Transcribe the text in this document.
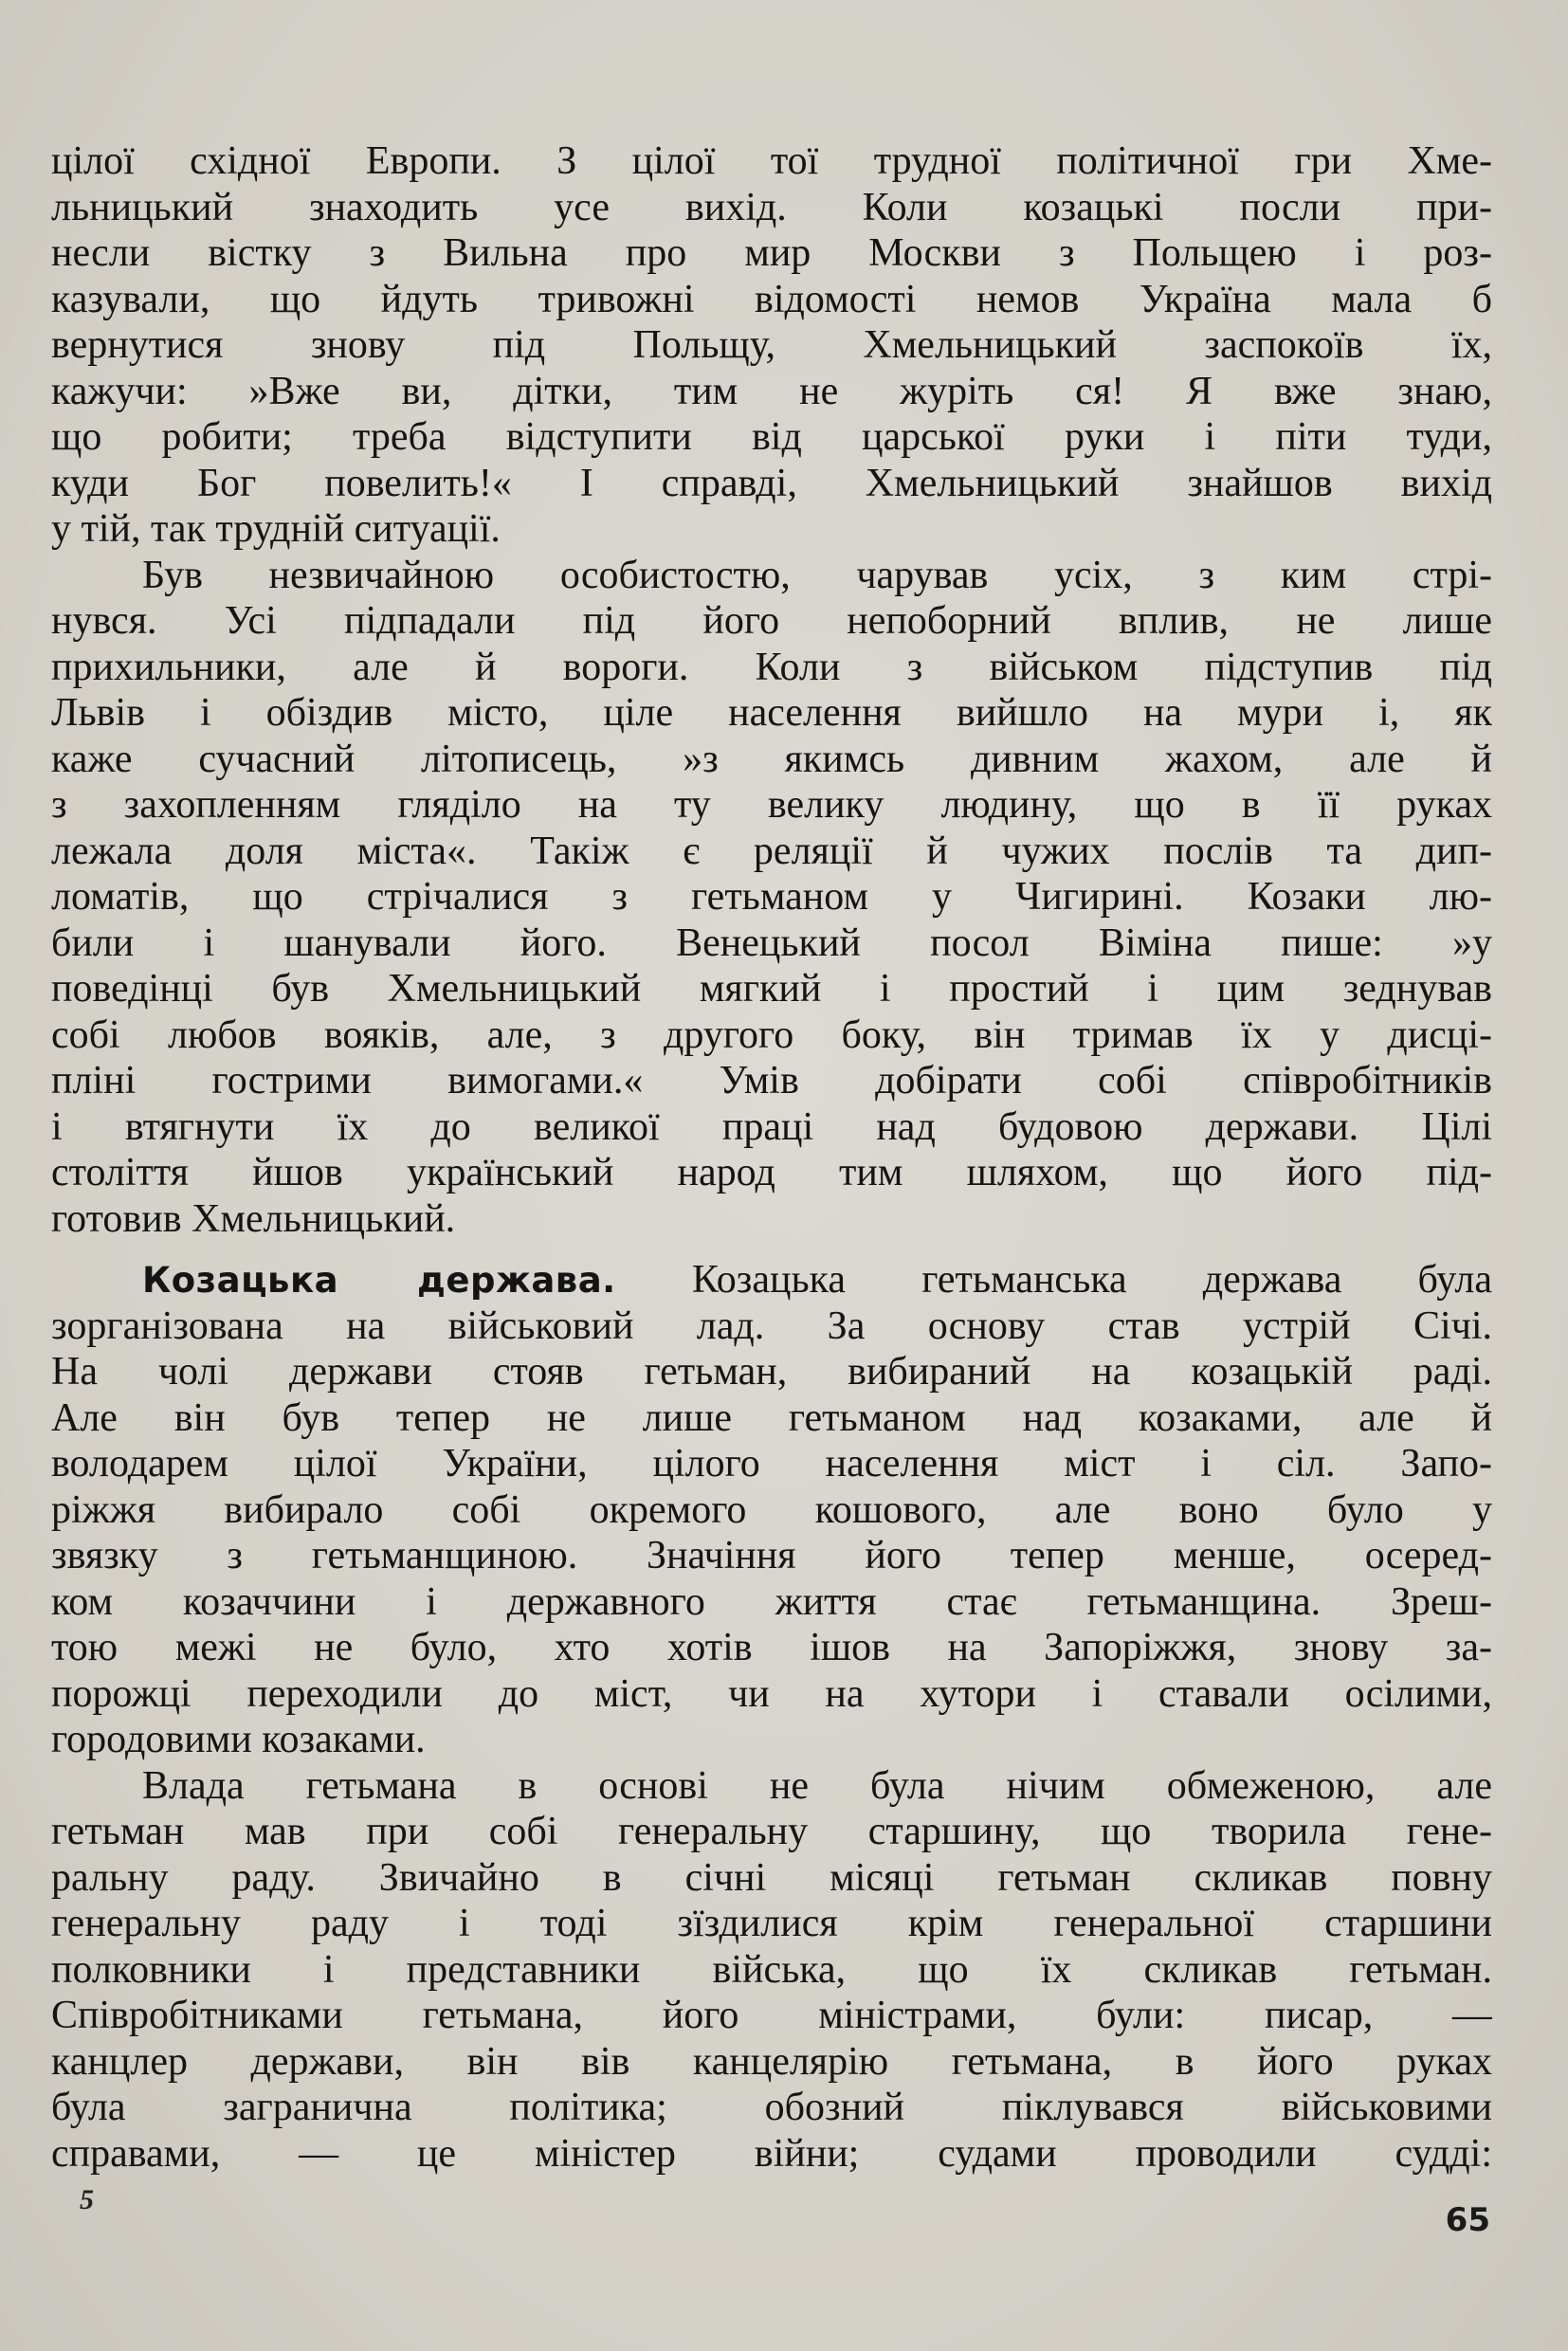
цілої східної Европи. З цілої тої трудної політичної гри Хме-
льницький знаходить усе вихід. Коли козацькі посли при-
несли вістку з Вильна про мир Москви з Польщею і роз-
казували, що йдуть тривожні відомості немов Україна мала б
вернутися знову під Польщу, Хмельницький заспокоїв їх,
кажучи: »Вже ви, дітки, тим не журіть ся! Я вже знаю,
що робити; треба відступити від царської руки і піти туди,
куди Бог повелить!« І справді, Хмельницький знайшов вихід
у тій, так трудній ситуації.
Був незвичайною особистостю, чарував усіх, з ким стрі-
нувся. Усі підпадали під його непоборний вплив, не лише
прихильники, але й вороги. Коли з військом підступив під
Львів і обіздив місто, ціле населення вийшло на мури і, як
каже сучасний літописець, »з якимсь дивним жахом, але й
з захопленням гляділо на ту велику людину, що в її руках
лежала доля міста«. Такіж є реляції й чужих послів та дип-
ломатів, що стрічалися з гетьманом у Чигирині. Козаки лю-
били і шанували його. Венецький посол Віміна пише: »у
поведінці був Хмельницький мягкий і простий і цим зеднував
собі любов вояків, але, з другого боку, він тримав їх у дисці-
пліні гострими вимогами.« Умів добірати собі співробітників
і втягнути їх до великої праці над будовою держави. Цілі
століття йшов український народ тим шляхом, що його під-
готовив Хмельницький.
Козацька держава. Козацька гетьманська держава була
зорганізована на військовий лад. За основу став устрій Січі.
На чолі держави стояв гетьман, вибираний на козацькій раді.
Але він був тепер не лише гетьманом над козаками, але й
володарем цілої України, цілого населення міст і сіл. Запо-
ріжжя вибирало собі окремого кошового, але воно було у
звязку з гетьманщиною. Значіння його тепер менше, осеред-
ком козаччини і державного життя стає гетьманщина. Зреш-
тою межі не було, хто хотів ішов на Запоріжжя, знову за-
порожці переходили до міст, чи на хутори і ставали осілими,
городовими козаками.
Влада гетьмана в основі не була нічим обмеженою, але
гетьман мав при собі генеральну старшину, що творила гене-
ральну раду. Звичайно в січні місяці гетьман скликав повну
генеральну раду і тоді зїздилися крім генеральної старшини
полковники і представники війська, що їх скликав гетьман.
Співробітниками гетьмана, його міністрами, були: писар, —
канцлер держави, він вів канцелярію гетьмана, в його руках
була загранична політика; обозний піклувався військовими
справами, — це міністер війни; судами проводили судді:
5
65
